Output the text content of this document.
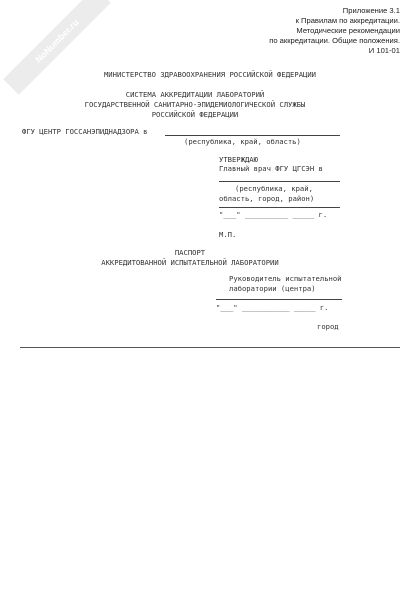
NoNumber.ru
Приложение 3.1
к Правилам по аккредитации.
Методические рекомендации
по аккредитации. Общие положения.
И 101-01
МИНИСТЕРСТВО ЗДРАВООХРАНЕНИЯ РОССИЙСКОЙ ФЕДЕРАЦИИ
СИСТЕМА АККРЕДИТАЦИИ ЛАБОРАТОРИЙ
ГОСУДАРСТВЕННОЙ САНИТАРНО-ЭПИДЕМИОЛОГИЧЕСКОЙ СЛУЖБЫ
РОССИЙСКОЙ ФЕДЕРАЦИИ
ФГУ ЦЕНТР ГОССАНЭПИДНАДЗОРА в
(республика, край, область)
УТВЕРЖДАЮ
Главный врач ФГУ ЦГСЭН в
(республика, край,
область, город, район)
"___" __________ _____ г.
М.П.
ПАСПОРТ
АККРЕДИТОВАННОЙ ИСПЫТАТЕЛЬНОЙ ЛАБОРАТОРИИ
Руководитель испытательной
лаборатории (центра)
"___" ___________ _____ г.
город
